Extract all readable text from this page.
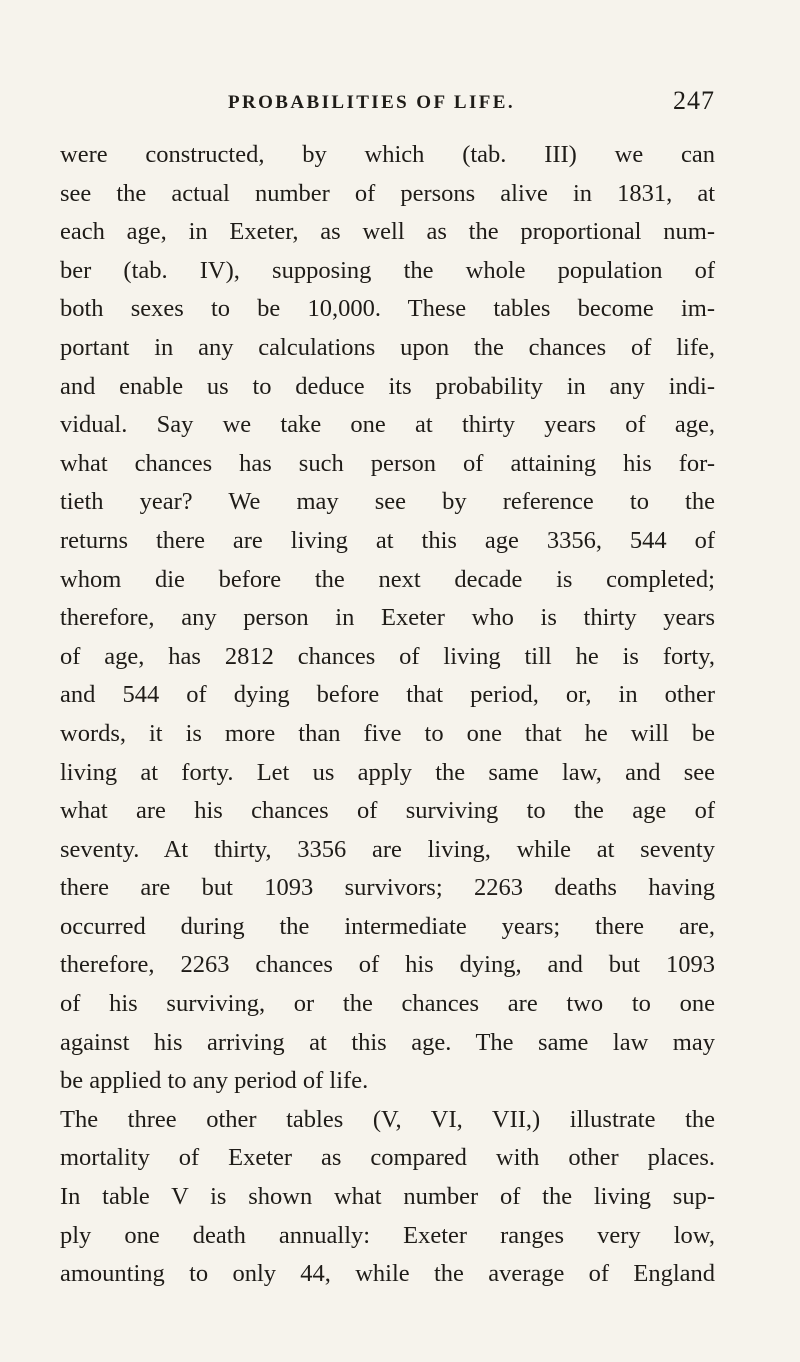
PROBABILITIES OF LIFE.	247
were constructed, by which (tab. III) we can
see the actual number of persons alive in 1831, at
each age, in Exeter, as well as the proportional num-
ber (tab. IV), supposing the whole population of
both sexes to be 10,000. These tables become im-
portant in any calculations upon the chances of life,
and enable us to deduce its probability in any indi-
vidual. Say we take one at thirty years of age,
what chances has such person of attaining his for-
tieth year? We may see by reference to the
returns there are living at this age 3356, 544 of
whom die before the next decade is completed;
therefore, any person in Exeter who is thirty years
of age, has 2812 chances of living till he is forty,
and 544 of dying before that period, or, in other
words, it is more than five to one that he will be
living at forty. Let us apply the same law, and see
what are his chances of surviving to the age of
seventy. At thirty, 3356 are living, while at seventy
there are but 1093 survivors; 2263 deaths having
occurred during the intermediate years; there are,
therefore, 2263 chances of his dying, and but 1093
of his surviving, or the chances are two to one
against his arriving at this age. The same law may
be applied to any period of life.
The three other tables (V, VI, VII,) illustrate the
mortality of Exeter as compared with other places.
In table V is shown what number of the living sup-
ply one death annually: Exeter ranges very low,
amounting to only 44, while the average of England
